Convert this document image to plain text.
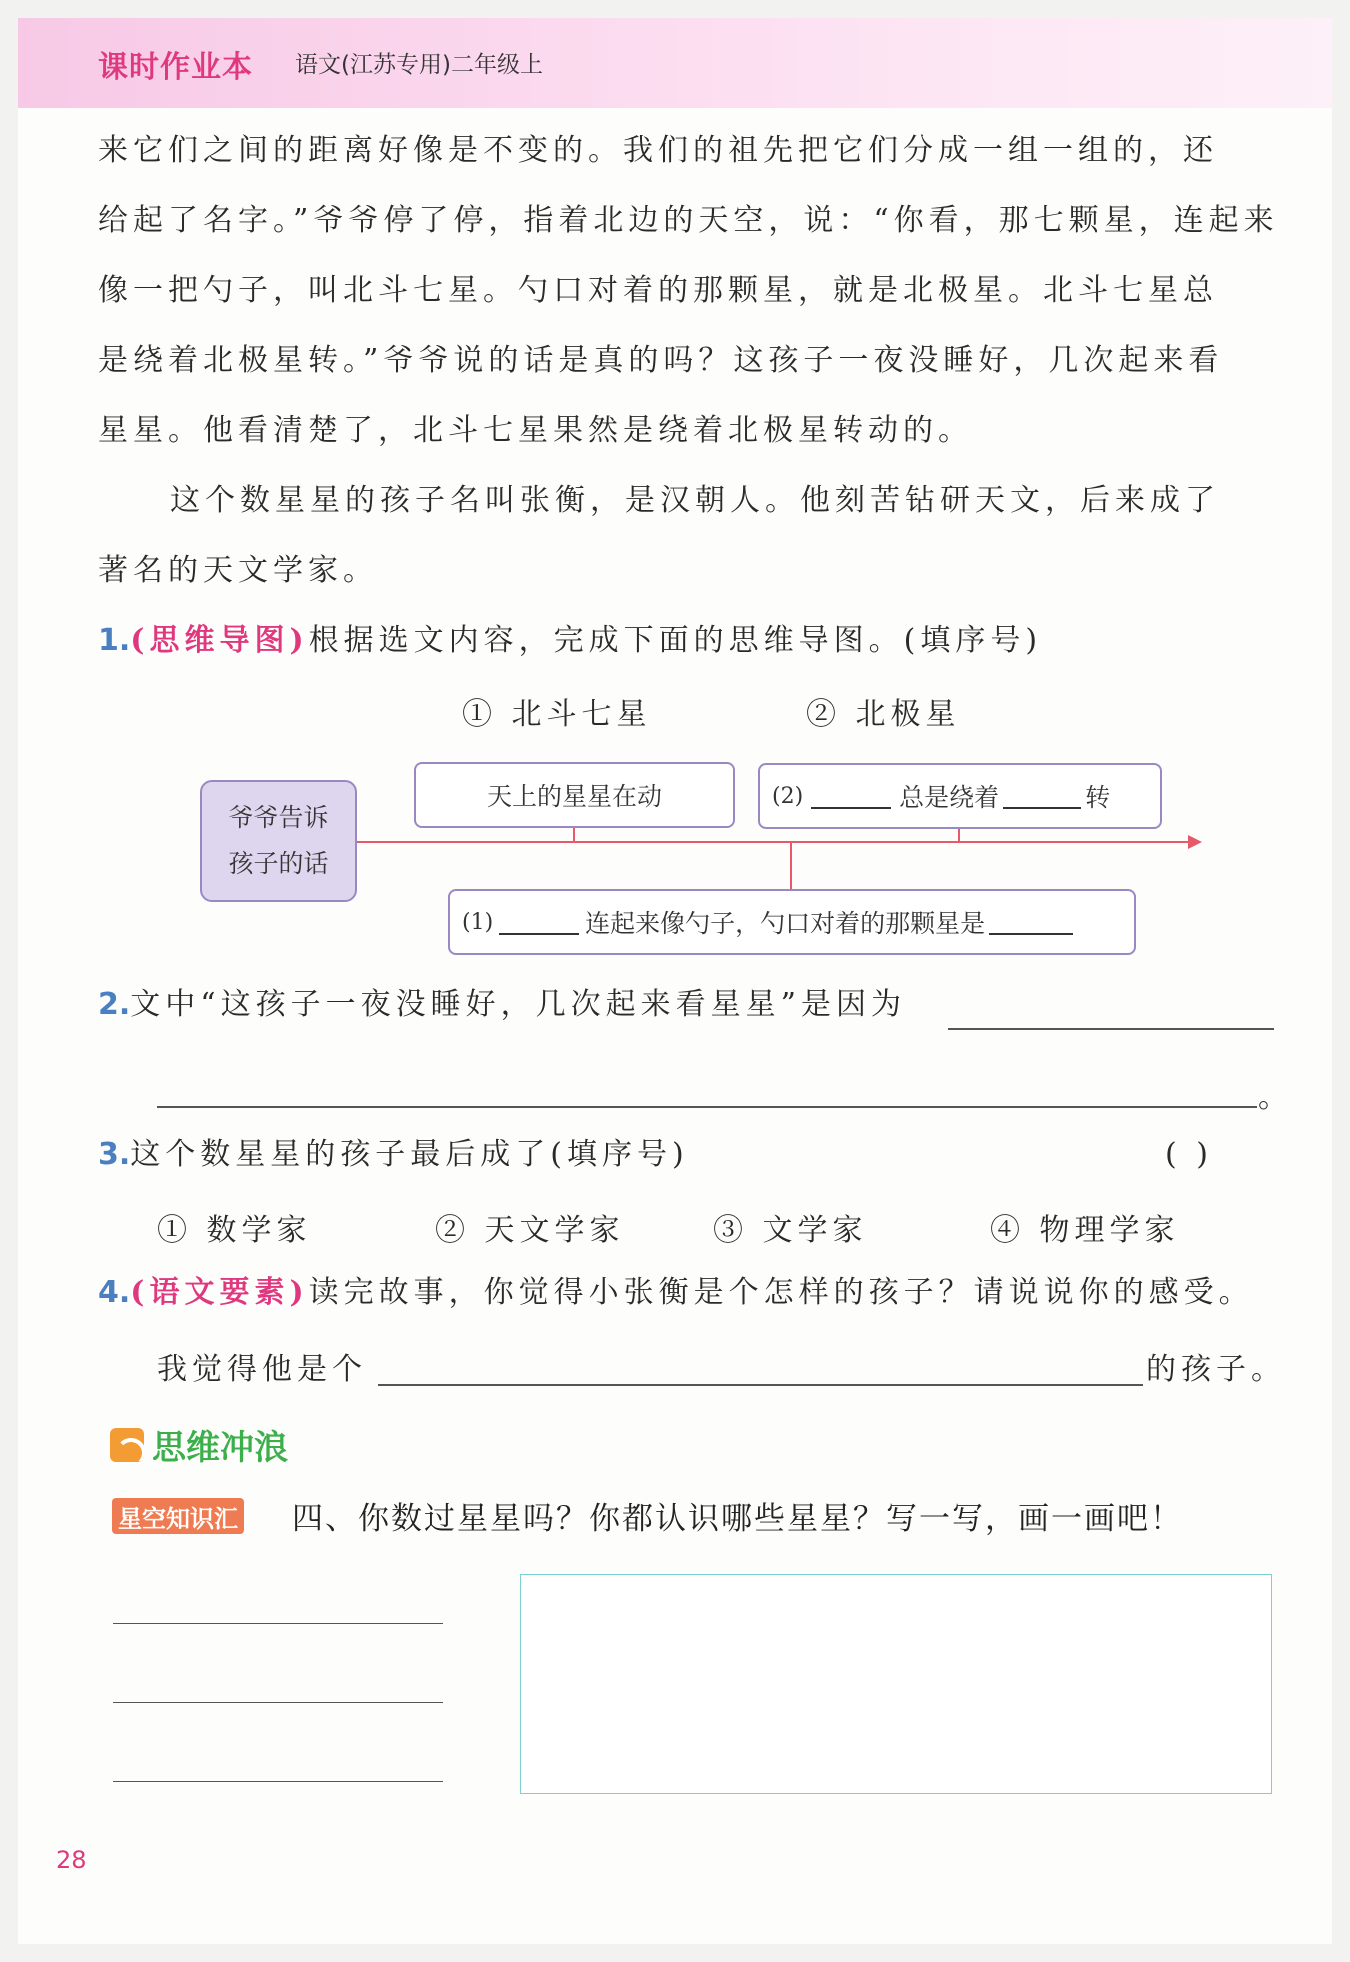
课时作业本 语文(江苏专用)二年级上
来它们之间的距离好像是不变的。我们的祖先把它们分成一组一组的，还
给起了名字。”爷爷停了停，指着北边的天空，说：“你看，那七颗星，连起来
像一把勺子，叫北斗七星。勺口对着的那颗星，就是北极星。北斗七星总
是绕着北极星转。”爷爷说的话是真的吗？这孩子一夜没睡好，几次起来看
星星。他看清楚了，北斗七星果然是绕着北极星转动的。
这个数星星的孩子名叫张衡，是汉朝人。他刻苦钻研天文，后来成了
著名的天文学家。
1.(思维导图)根据选文内容，完成下面的思维导图。(填序号)
① 北斗七星	② 北极星
爷爷告诉
孩子的话
天上的星星在动	(2)	总是绕着	转
(1)	连起来像勺子，勺口对着的那颗星是
2.文中“这孩子一夜没睡好，几次起来看星星”是因为
。
3.这个数星星的孩子最后成了(填序号)	( )
① 数学家	② 天文学家	③ 文学家	④ 物理学家
4.(语文要素)读完故事，你觉得小张衡是个怎样的孩子？请说说你的感受。
我觉得他是个	的孩子。
思维冲浪
星空知识汇 四、你数过星星吗？你都认识哪些星星？写一写，画一画吧！
28
